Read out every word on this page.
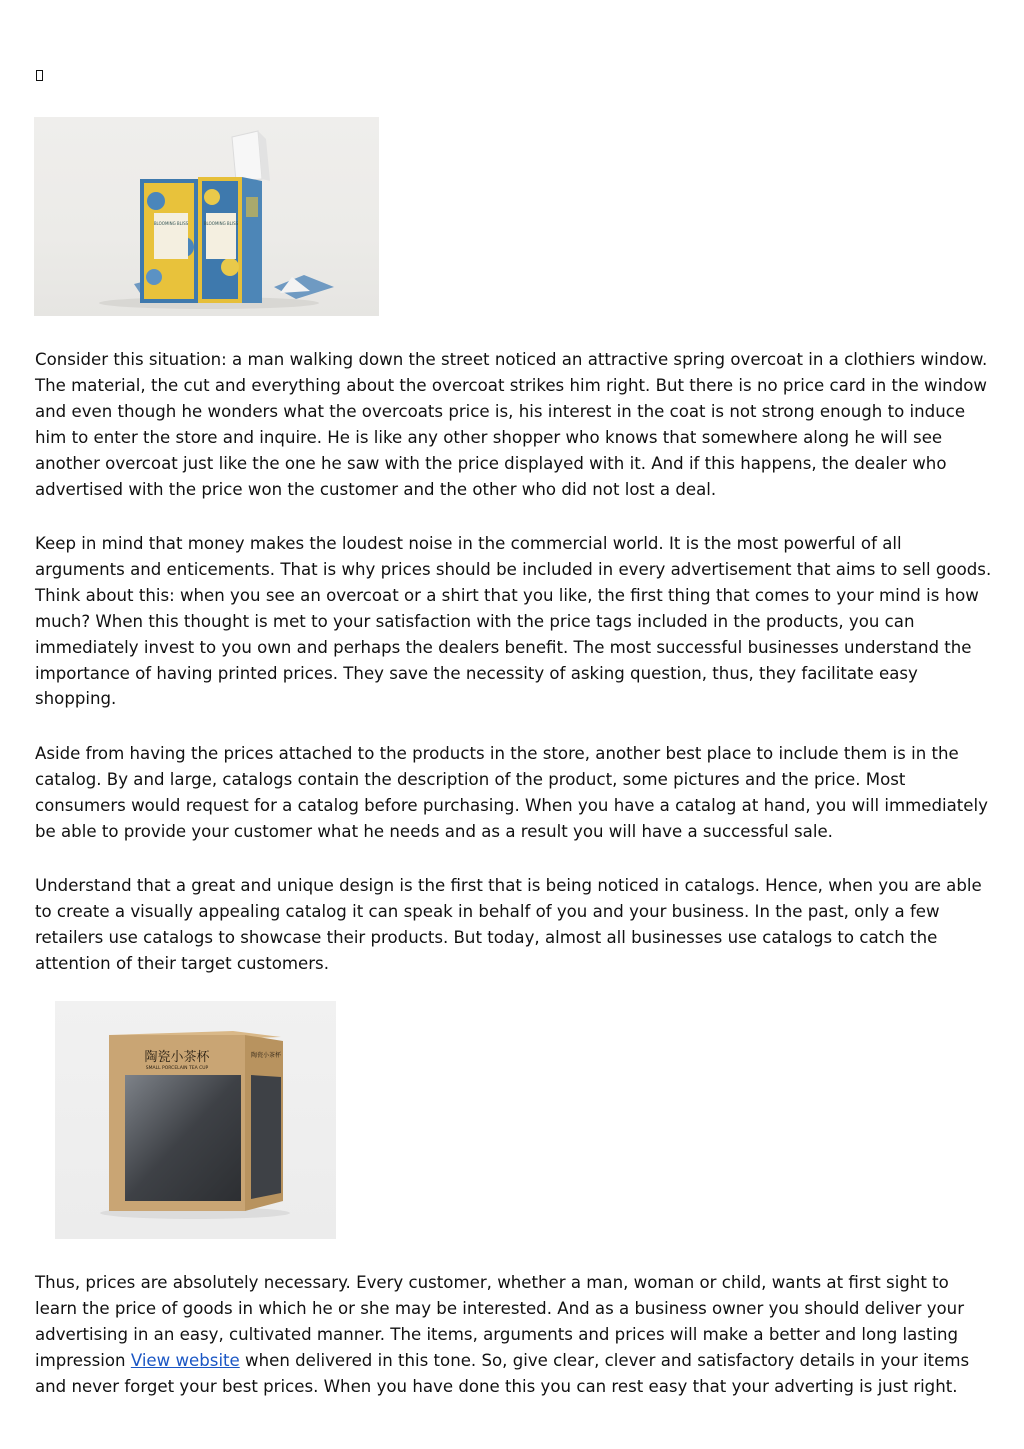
BLOOMING BLISS	BLOOMING BLISS

Consider this situation: a man walking down the street noticed an attractive spring overcoat in a clothiers window. The material, the cut and everything about the overcoat strikes him right. But there is no price card in the window and even though he wonders what the overcoats price is, his interest in the coat is not strong enough to induce him to enter the store and inquire. He is like any other shopper who knows that somewhere along he will see another overcoat just like the one he saw with the price displayed with it. And if this happens, the dealer who advertised with the price won the customer and the other who did not lost a deal.

Keep in mind that money makes the loudest noise in the commercial world. It is the most powerful of all arguments and enticements. That is why prices should be included in every advertisement that aims to sell goods. Think about this: when you see an overcoat or a shirt that you like, the first thing that comes to your mind is how much? When this thought is met to your satisfaction with the price tags included in the products, you can immediately invest to you own and perhaps the dealers benefit. The most successful businesses understand the importance of having printed prices. They save the necessity of asking question, thus, they facilitate easy shopping.

Aside from having the prices attached to the products in the store, another best place to include them is in the catalog. By and large, catalogs contain the description of the product, some pictures and the price. Most consumers would request for a catalog before purchasing. When you have a catalog at hand, you will immediately be able to provide your customer what he needs and as a result you will have a successful sale.

Understand that a great and unique design is the first that is being noticed in catalogs. Hence, when you are able to create a visually appealing catalog it can speak in behalf of you and your business. In the past, only a few retailers use catalogs to showcase their products. But today, almost all businesses use catalogs to catch the attention of their target customers.

陶瓷小茶杯
SMALL PORCELAIN TEA CUP
陶瓷小茶杯

Thus, prices are absolutely necessary. Every customer, whether a man, woman or child, wants at first sight to learn the price of goods in which he or she may be interested. And as a business owner you should deliver your advertising in an easy, cultivated manner. The items, arguments and prices will make a better and long lasting impression View website when delivered in this tone. So, give clear, clever and satisfactory details in your items and never forget your best prices. When you have done this you can rest easy that your adverting is just right.
